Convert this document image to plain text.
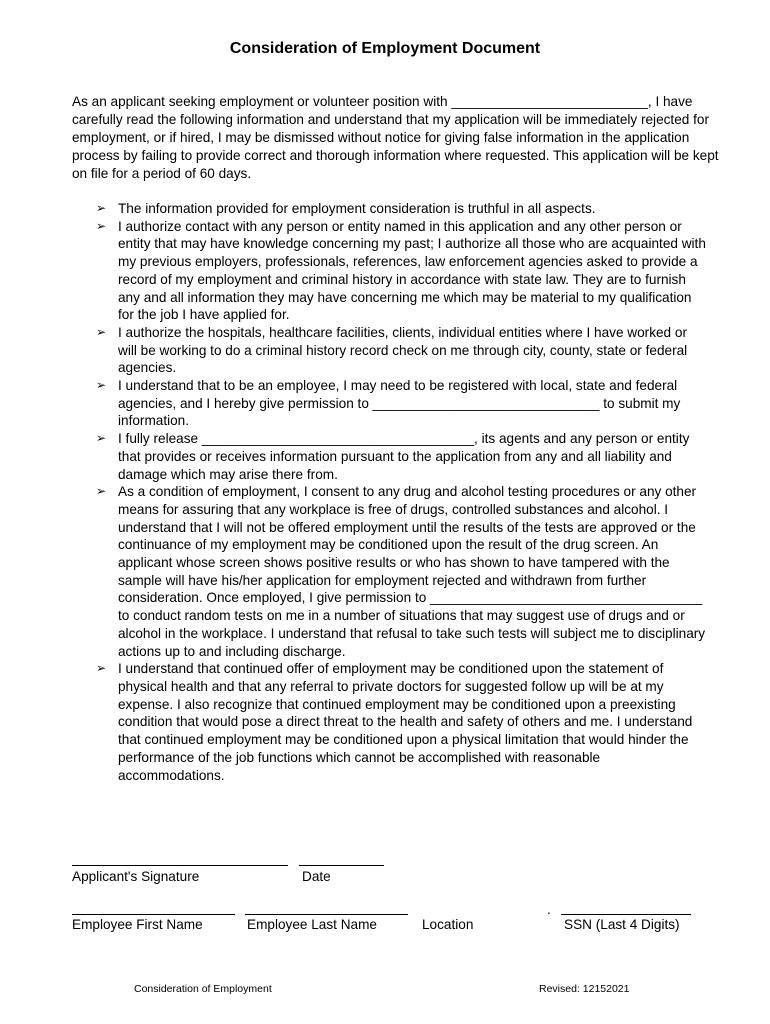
Consideration of Employment Document

As an applicant seeking employment or volunteer position with __________________________, I have carefully read the following information and understand that my application will be immediately rejected for employment, or if hired, I may be dismissed without notice for giving false information in the application process by failing to provide correct and thorough information where requested. This application will be kept on file for a period of 60 days.

➢ The information provided for employment consideration is truthful in all aspects.
➢ I authorize contact with any person or entity named in this application and any other person or entity that may have knowledge concerning my past; I authorize all those who are acquainted with my previous employers, professionals, references, law enforcement agencies asked to provide a record of my employment and criminal history in accordance with state law. They are to furnish any and all information they may have concerning me which may be material to my qualification for the job I have applied for.
➢ I authorize the hospitals, healthcare facilities, clients, individual entities where I have worked or will be working to do a criminal history record check on me through city, county, state or federal agencies.
➢ I understand that to be an employee, I may need to be registered with local, state and federal agencies, and I hereby give permission to ______________________________ to submit my information.
➢ I fully release ____________________________________, its agents and any person or entity that provides or receives information pursuant to the application from any and all liability and damage which may arise there from.
➢ As a condition of employment, I consent to any drug and alcohol testing procedures or any other means for assuring that any workplace is free of drugs, controlled substances and alcohol. I understand that I will not be offered employment until the results of the tests are approved or the continuance of my employment may be conditioned upon the result of the drug screen. An applicant whose screen shows positive results or who has shown to have tampered with the sample will have his/her application for employment rejected and withdrawn from further consideration. Once employed, I give permission to ____________________________________ to conduct random tests on me in a number of situations that may suggest use of drugs and or alcohol in the workplace. I understand that refusal to take such tests will subject me to disciplinary actions up to and including discharge.
➢ I understand that continued offer of employment may be conditioned upon the statement of physical health and that any referral to private doctors for suggested follow up will be at my expense. I also recognize that continued employment may be conditioned upon a preexisting condition that would pose a direct threat to the health and safety of others and me. I understand that continued employment may be conditioned upon a physical limitation that would hinder the performance of the job functions which cannot be accomplished with reasonable accommodations.
Applicant's Signature	Date
.
Employee First Name	Employee Last Name	Location	SSN (Last 4 Digits)
Consideration of Employment	Revised: 12152021
